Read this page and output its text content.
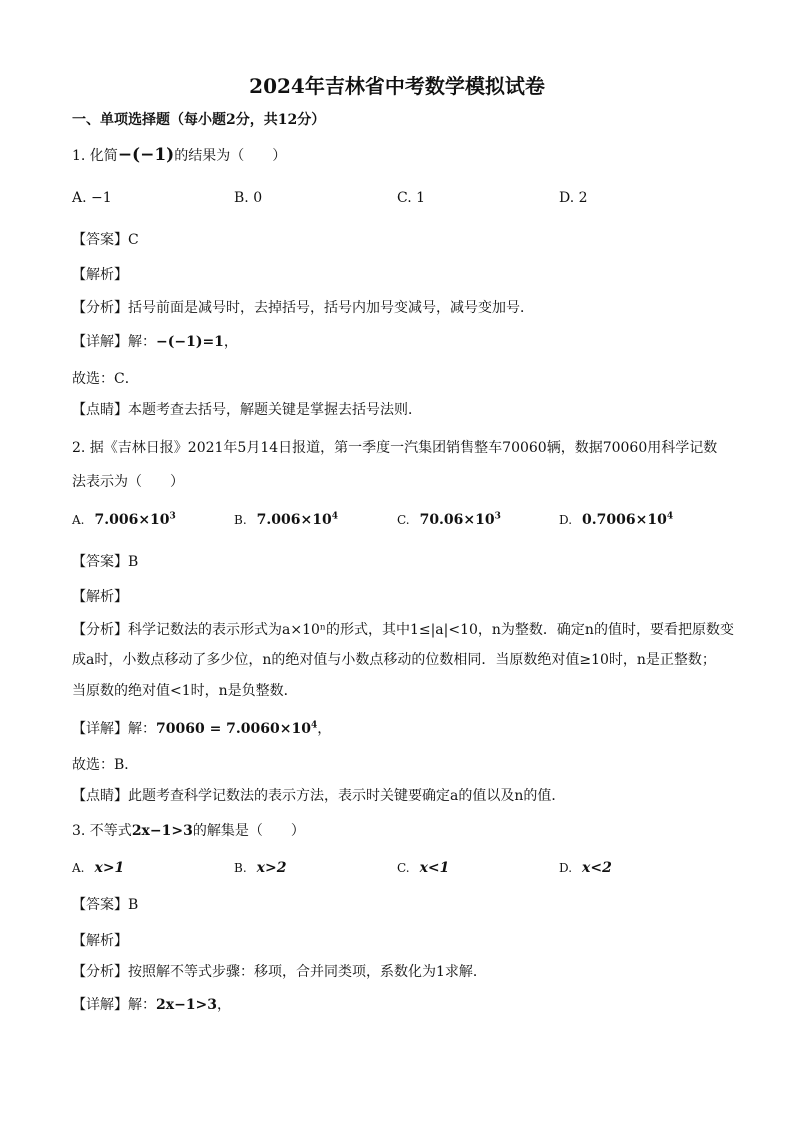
2024年吉林省中考数学模拟试卷
一、单项选择题（每小题2分，共12分）
1. 化简−(−1)的结果为（　　）
A. −1	B. 0	C. 1	D. 2
【答案】C
【解析】
【分析】括号前面是减号时，去掉括号，括号内加号变减号，减号变加号．
【详解】解：−(−1)=1，
故选：C．
【点睛】本题考查去括号，解题关键是掌握去括号法则．
2. 据《吉林日报》2021年5月14日报道，第一季度一汽集团销售整车70060辆，数据70060用科学记数
法表示为（　　）
A. $7.006\times 10^3$	B. $7.006\times 10^4$	C. $70.06\times 10^3$	D. $0.7006\times 10^4$
【答案】B
【解析】
【分析】科学记数法的表示形式为a×10ⁿ的形式，其中1≤|a|<10，n为整数．确定n的值时，要看把原数变
成a时，小数点移动了多少位，n的绝对值与小数点移动的位数相同．当原数绝对值≥10时，n是正整数；
当原数的绝对值<1时，n是负整数．
【详解】解：$70060 = 7.0060\times 10^4$，
故选：B．
【点睛】此题考查科学记数法的表示方法，表示时关键要确定a的值以及n的值．
3. 不等式2x−1>3的解集是（　　）
A. x>1	B. x>2	C. x<1	D. x<2
【答案】B
【解析】
【分析】按照解不等式步骤：移项，合并同类项，系数化为1求解．
【详解】解：2x−1>3，
